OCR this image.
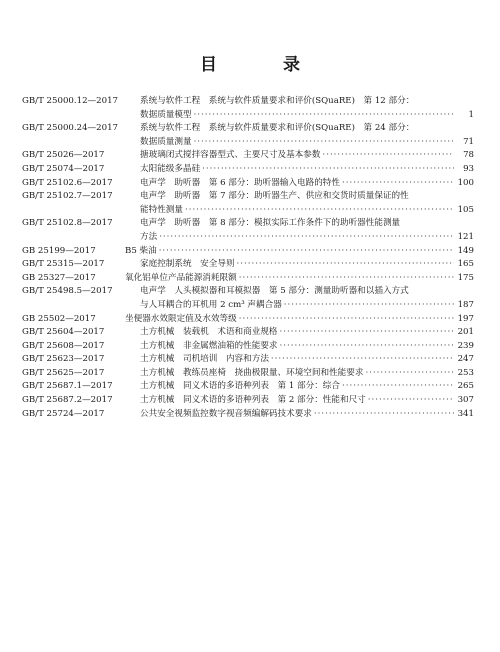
目 录
GB/T 25000.12—2017	系统与软件工程　系统与软件质量要求和评价(SQuaRE)　第 12 部分：
数据质量模型 ·····	1
GB/T 25000.24—2017	系统与软件工程　系统与软件质量要求和评价(SQuaRE)　第 24 部分：
数据质量测量 ·····	71
GB/T 25026—2017	搪玻璃闭式搅拌容器型式、主要尺寸及基本参数 ·····	78
GB/T 25074—2017	太阳能级多晶硅 ·····	93
GB/T 25102.6—2017	电声学　助听器　第 6 部分：助听器输入电路的特性 ·····	100
GB/T 25102.7—2017	电声学　助听器　第 7 部分：助听器生产、供应和交货时质量保证的性
能特性测量 ·····	105
GB/T 25102.8—2017	电声学　助听器　第 8 部分：模拟实际工作条件下的助听器性能测量
方法 ·····	121
GB 25199—2017	B5 柴油 ·····	149
GB/T 25315—2017	家庭控制系统　安全导则 ·····	165
GB 25327—2017	氧化铝单位产品能源消耗限额 ·····	175
GB/T 25498.5—2017	电声学　人头模拟器和耳模拟器　第 5 部分：测量助听器和以插入方式
与人耳耦合的耳机用 2 cm³ 声耦合器 ·····	187
GB 25502—2017	坐便器水效限定值及水效等级 ·····	197
GB/T 25604—2017	土方机械　装载机　术语和商业规格 ·····	201
GB/T 25608—2017	土方机械　非金属燃油箱的性能要求 ·····	239
GB/T 25623—2017	土方机械　司机培训　内容和方法 ·····	247
GB/T 25625—2017	土方机械　教练员座椅　挠曲极限量、环境空间和性能要求 ·····	253
GB/T 25687.1—2017	土方机械　同义术语的多语种列表　第 1 部分：综合 ·····	265
GB/T 25687.2—2017	土方机械　同义术语的多语种列表　第 2 部分：性能和尺寸 ·····	307
GB/T 25724—2017	公共安全视频监控数字视音频编解码技术要求 ·····	341
